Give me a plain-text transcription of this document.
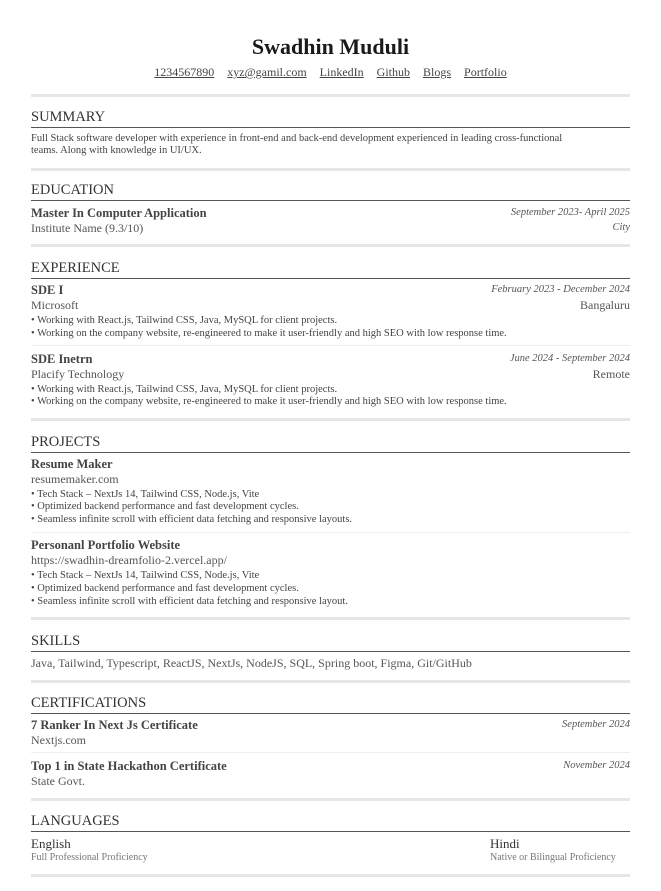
Swadhin Muduli
1234567890 xyz@gamil.com LinkedIn Github Blogs Portfolio
SUMMARY
Full Stack software developer with experience in front-end and back-end development experienced in leading cross-functional teams. Along with knowledge in UI/UX.
EDUCATION
Master In Computer Application	September 2023- April 2025
Institute Name (9.3/10)	City
EXPERIENCE
SDE I	February 2023 - December 2024
Microsoft	Bangaluru
• Working with React.js, Tailwind CSS, Java, MySQL for client projects.
• Working on the company website, re-engineered to make it user-friendly and high SEO with low response time.
SDE Inetrn	June 2024 - September 2024
Placify Technology	Remote
• Working with React.js, Tailwind CSS, Java, MySQL for client projects.
• Working on the company website, re-engineered to make it user-friendly and high SEO with low response time.
PROJECTS
Resume Maker
resumemaker.com
• Tech Stack – NextJs 14, Tailwind CSS, Node.js, Vite
• Optimized backend performance and fast development cycles.
• Seamless infinite scroll with efficient data fetching and responsive layouts.
Personanl Portfolio Website
https://swadhin-dreamfolio-2.vercel.app/
• Tech Stack – NextJs 14, Tailwind CSS, Node.js, Vite
• Optimized backend performance and fast development cycles.
• Seamless infinite scroll with efficient data fetching and responsive layout.
SKILLS
Java, Tailwind, Typescript, ReactJS, NextJs, NodeJS, SQL, Spring boot, Figma, Git/GitHub
CERTIFICATIONS
7 Ranker In Next Js Certificate	September 2024
Nextjs.com
Top 1 in State Hackathon Certificate	November 2024
State Govt.
LANGUAGES
English
Full Professional Proficiency
Hindi
Native or Bilingual Proficiency
